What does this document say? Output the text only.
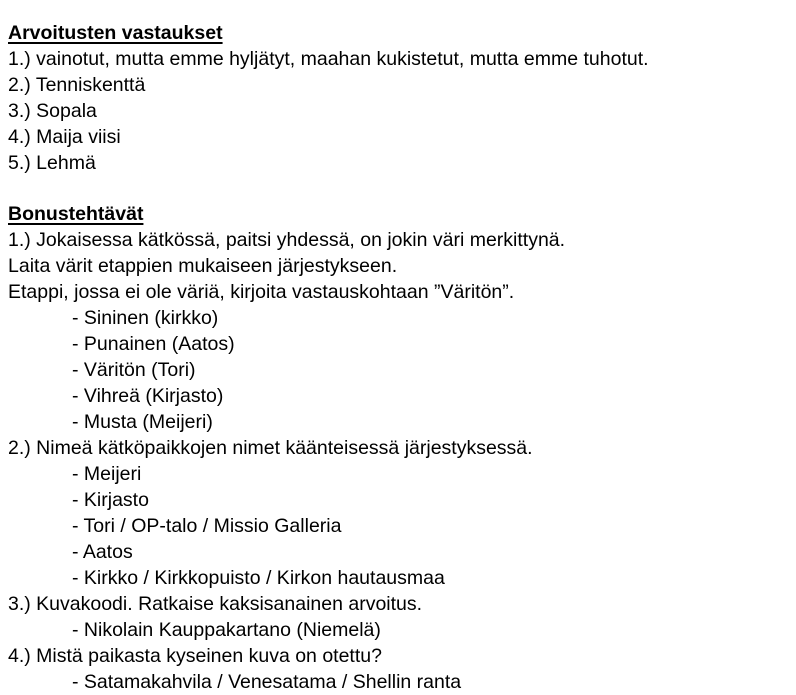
Arvoitusten vastaukset
1.) vainotut, mutta emme hyljätyt, maahan kukistetut, mutta emme tuhotut.
2.) Tenniskenttä
3.) Sopala
4.) Maija viisi
5.) Lehmä
Bonustehtävät
1.) Jokaisessa kätkössä, paitsi yhdessä, on jokin väri merkittynä.
Laita värit etappien mukaiseen järjestykseen.
Etappi, jossa ei ole väriä, kirjoita vastauskohtaan ”Väritön”.
- Sininen (kirkko)
- Punainen (Aatos)
- Väritön (Tori)
- Vihreä (Kirjasto)
- Musta (Meijeri)
2.) Nimeä kätköpaikkojen nimet käänteisessä järjestyksessä.
- Meijeri
- Kirjasto
- Tori / OP-talo / Missio Galleria
- Aatos
- Kirkko / Kirkkopuisto / Kirkon hautausmaa
3.) Kuvakoodi. Ratkaise kaksisanainen arvoitus.
- Nikolain Kauppakartano (Niemelä)
4.) Mistä paikasta kyseinen kuva on otettu?
- Satamakahvila / Venesatama / Shellin ranta
